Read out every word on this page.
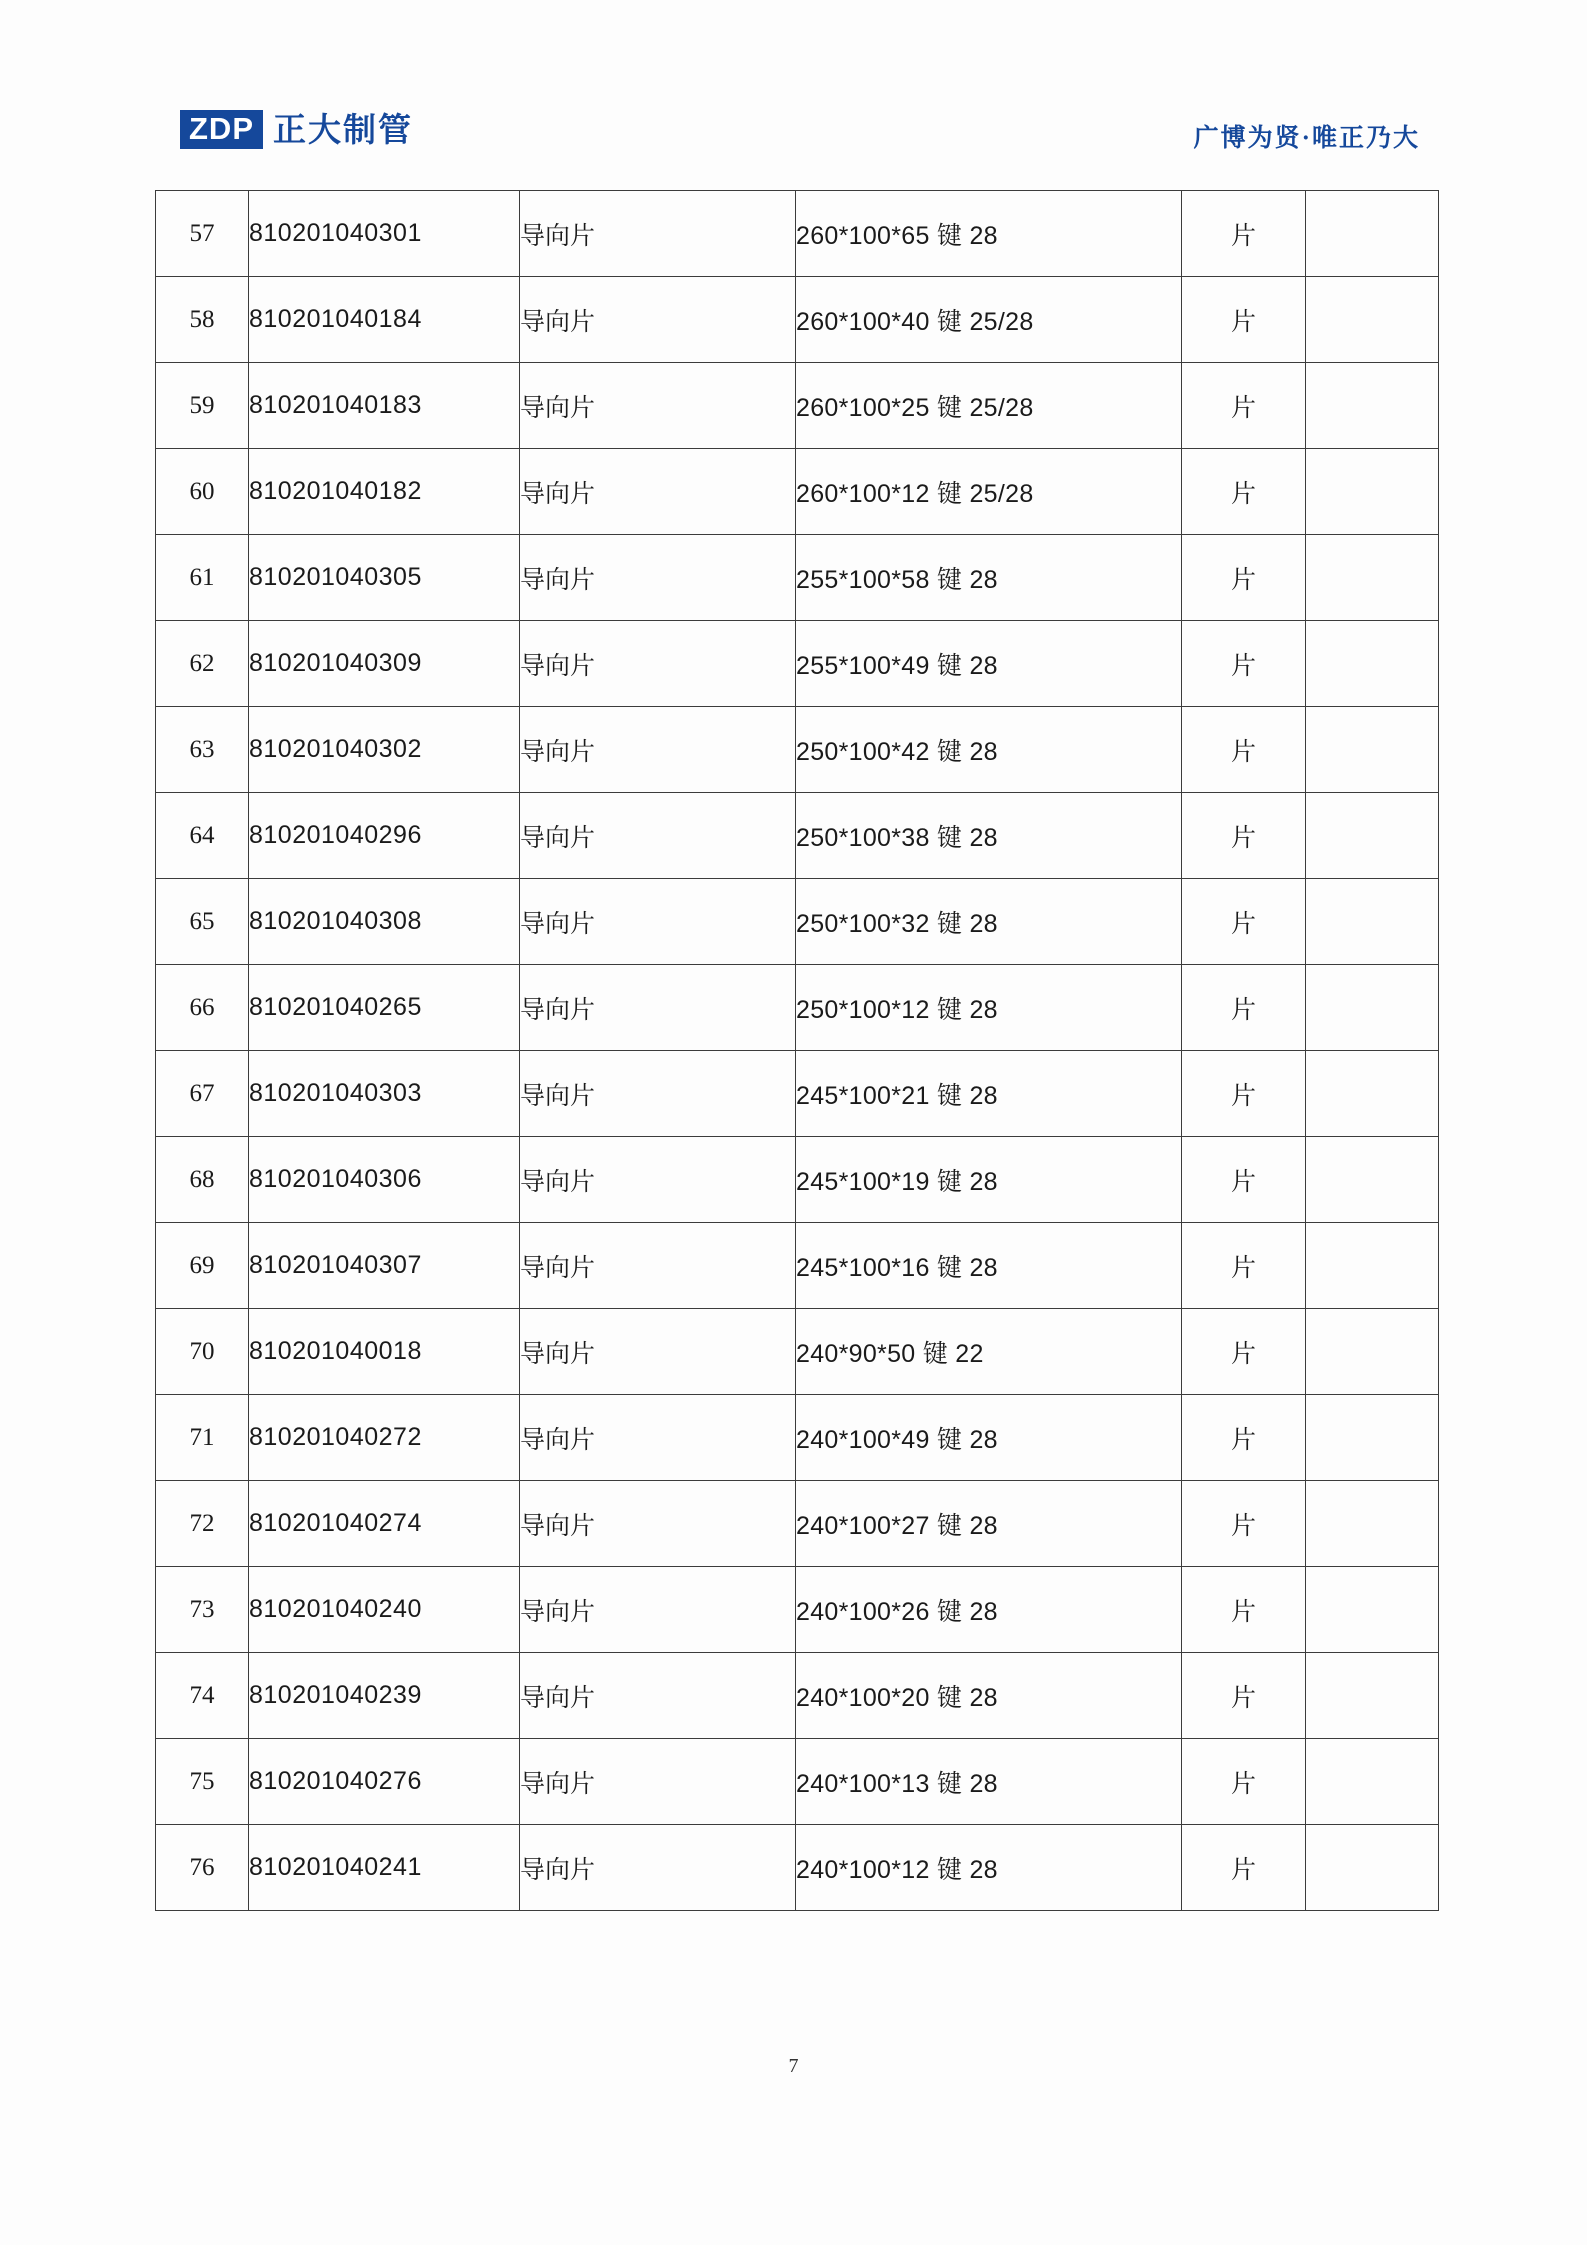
ZDP 正大制管	广博为贤·唯正乃大
57	810201040301	导向片	260*100*65 键 28	片	
58	810201040184	导向片	260*100*40 键 25/28	片	
59	810201040183	导向片	260*100*25 键 25/28	片	
60	810201040182	导向片	260*100*12 键 25/28	片	
61	810201040305	导向片	255*100*58 键 28	片	
62	810201040309	导向片	255*100*49 键 28	片	
63	810201040302	导向片	250*100*42 键 28	片	
64	810201040296	导向片	250*100*38 键 28	片	
65	810201040308	导向片	250*100*32 键 28	片	
66	810201040265	导向片	250*100*12 键 28	片	
67	810201040303	导向片	245*100*21 键 28	片	
68	810201040306	导向片	245*100*19 键 28	片	
69	810201040307	导向片	245*100*16 键 28	片	
70	810201040018	导向片	240*90*50 键 22	片	
71	810201040272	导向片	240*100*49 键 28	片	
72	810201040274	导向片	240*100*27 键 28	片	
73	810201040240	导向片	240*100*26 键 28	片	
74	810201040239	导向片	240*100*20 键 28	片	
75	810201040276	导向片	240*100*13 键 28	片	
76	810201040241	导向片	240*100*12 键 28	片	
7
